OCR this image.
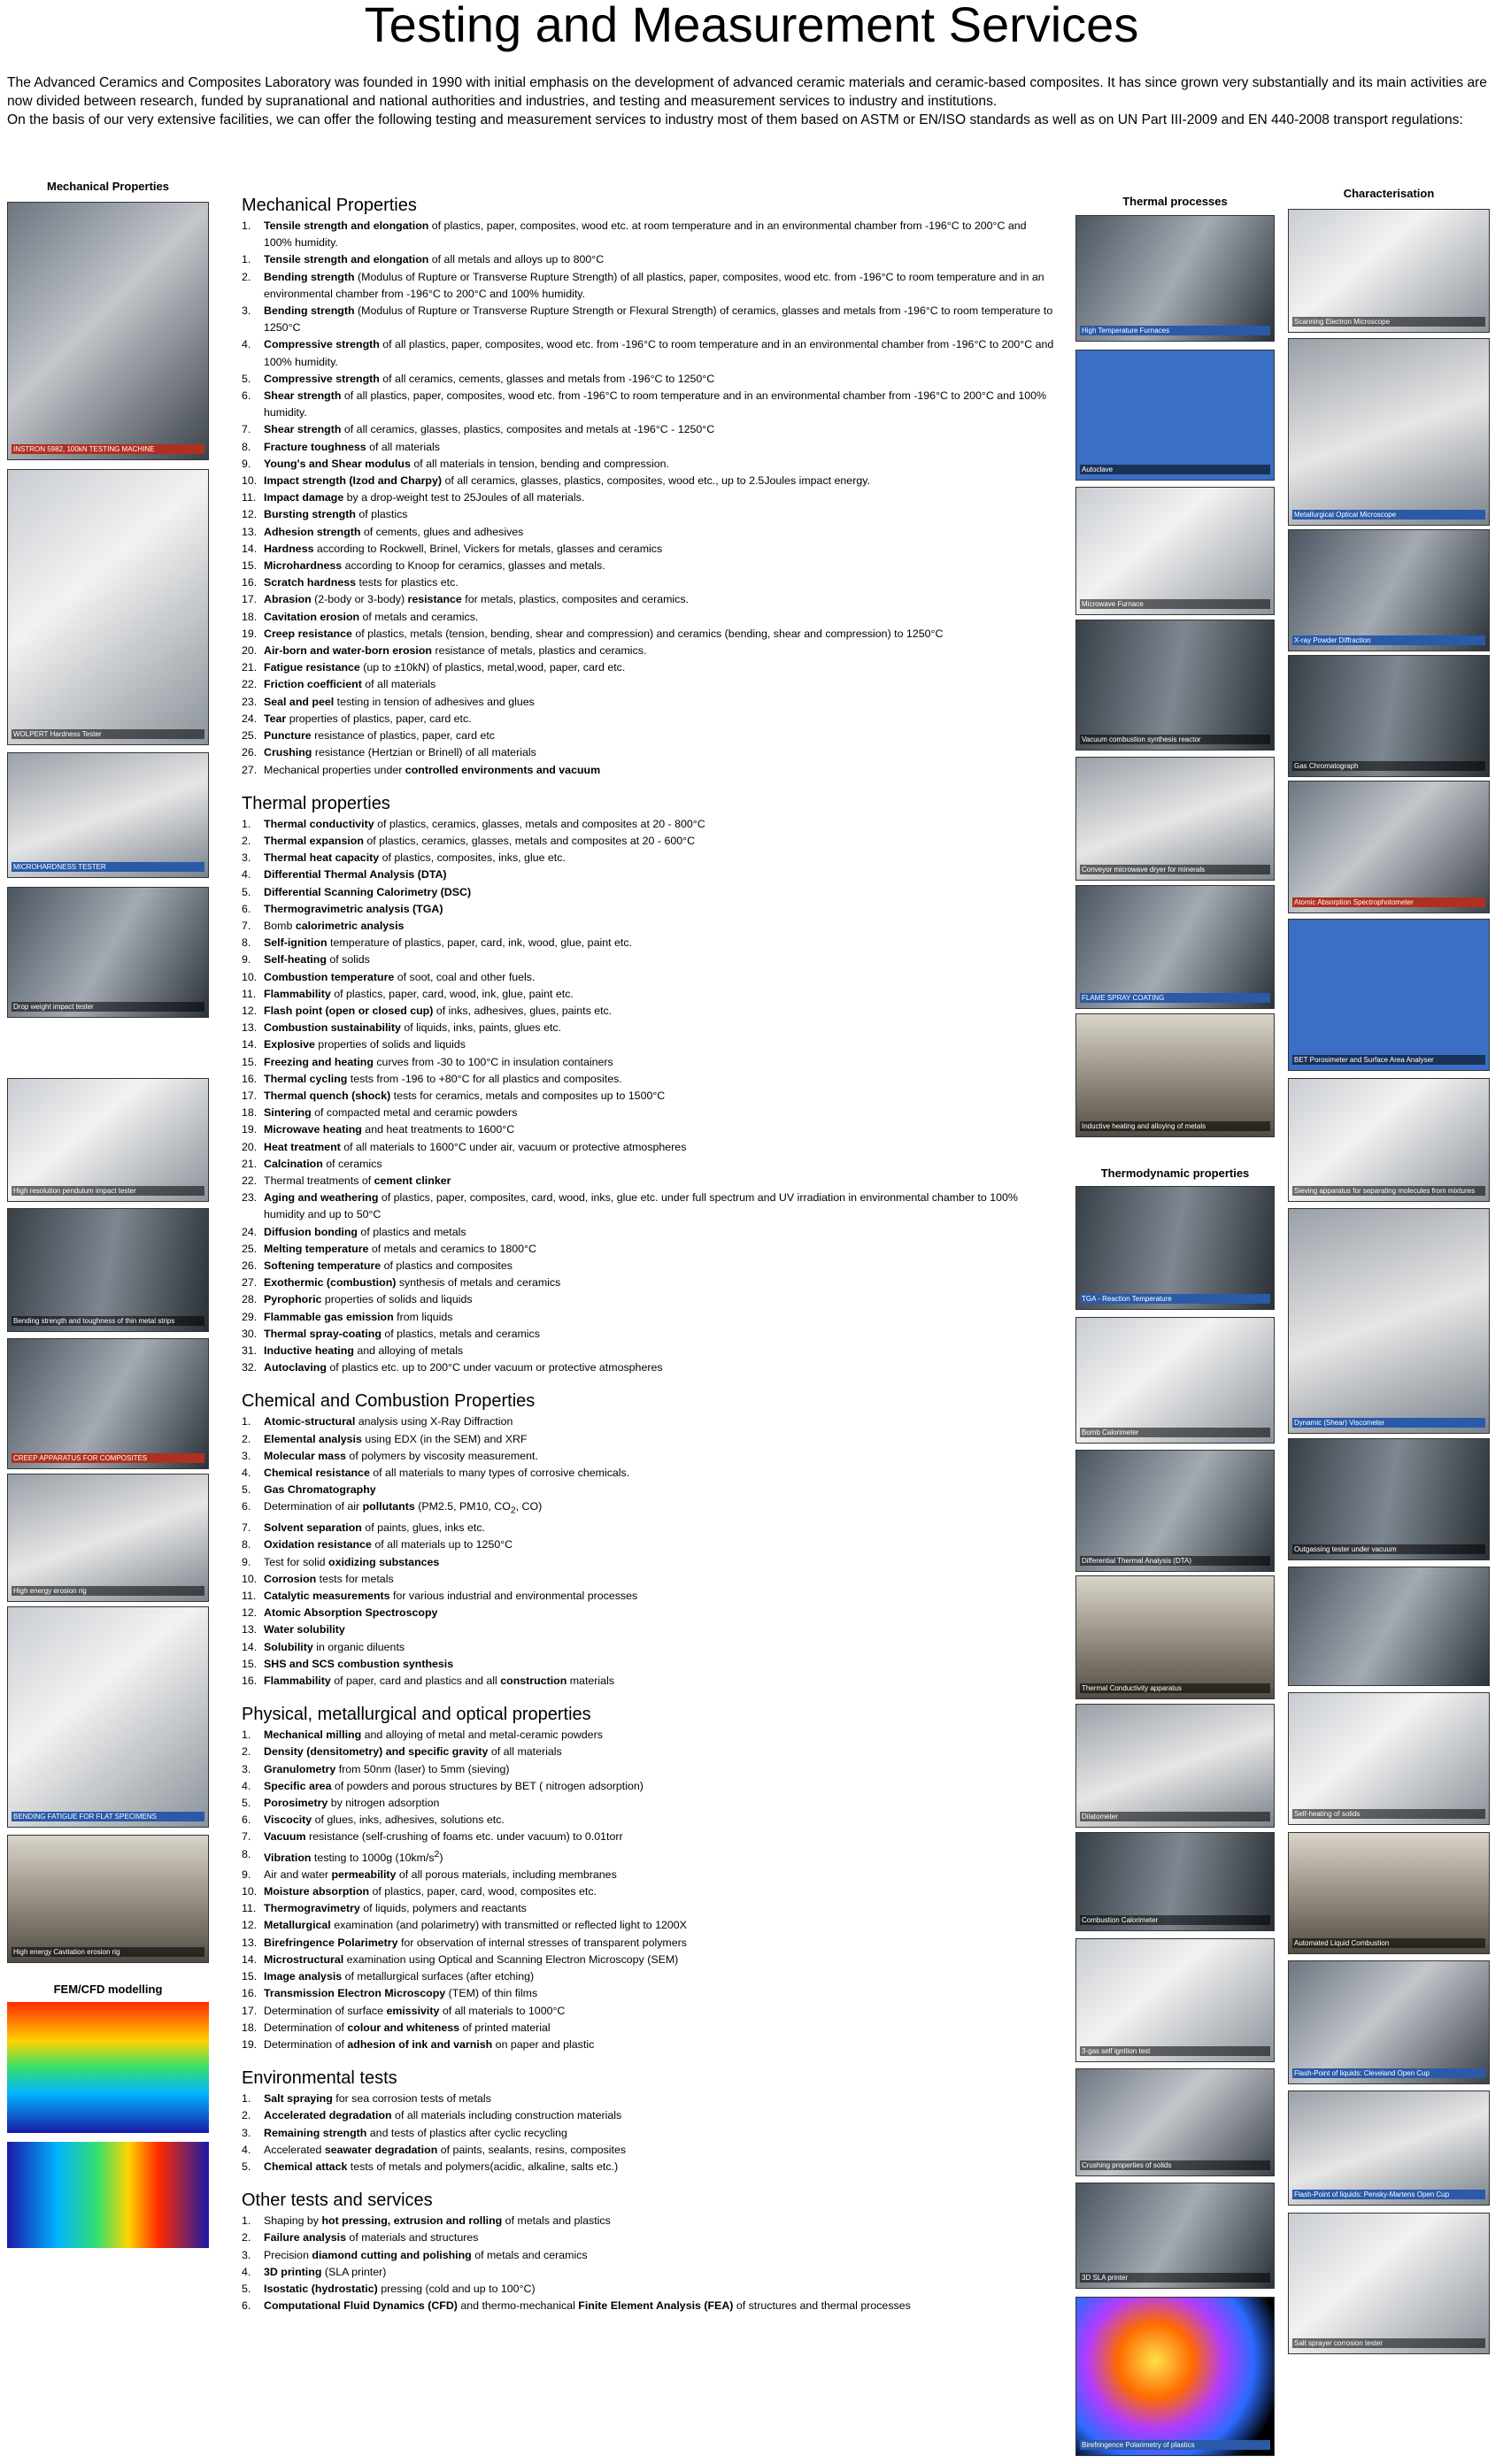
Testing and Measurement Services

The Advanced Ceramics and Composites Laboratory was founded in 1990 with initial emphasis on the development of advanced ceramic materials and ceramic-based composites. It has since grown very substantially and its main activities are now divided between research, funded by supranational and national authorities and industries, and testing and measurement services to industry and institutions.

On the basis of our very extensive facilities, we can offer the following testing and measurement services to industry most of them based on ASTM or EN/ISO standards as well as on UN Part III-2009 and EN 440-2008 transport regulations:

Mechanical Properties
INSTRON 5982, 100kN TESTING MACHINE
WOLPERT Hardness Tester
MICROHARDNESS TESTER
Drop weight impact tester
High resolution pendulum impact tester
Bending strength and toughness of thin metal strips
CREEP APPARATUS FOR COMPOSITES
High energy erosion rig
BENDING FATIGUE FOR FLAT SPECIMENS
High energy Cavitation erosion rig
FEM/CFD modelling
Mechanical Properties
1. Tensile strength and elongation of plastics, paper, composites, wood etc. at room temperature and in an environmental chamber from -196°C to 200°C and 100% humidity.
1. Tensile strength and elongation of all metals and alloys up to 800°C
2. Bending strength (Modulus of Rupture or Transverse Rupture Strength) of all plastics, paper, composites, wood etc. from -196°C to room temperature and in an environmental chamber from -196°C to 200°C and 100% humidity.
3. Bending strength (Modulus of Rupture or Transverse Rupture Strength or Flexural Strength) of ceramics, glasses and metals from -196°C to room temperature to 1250°C
4. Compressive strength of all plastics, paper, composites, wood etc. from -196°C to room temperature and in an environmental chamber from -196°C to 200°C and 100% humidity.
5. Compressive strength of all ceramics, cements, glasses and metals from -196°C to 1250°C
6. Shear strength of all plastics, paper, composites, wood etc. from -196°C to room temperature and in an environmental chamber from -196°C to 200°C and 100% humidity.
7. Shear strength of all ceramics, glasses, plastics, composites and metals at -196°C - 1250°C
8. Fracture toughness of all materials
9. Young's and Shear modulus of all materials in tension, bending and compression.
10. Impact strength (Izod and Charpy) of all ceramics, glasses, plastics, composites, wood etc., up to 2.5Joules impact energy.
11. Impact damage by a drop-weight test to 25Joules of all materials.
12. Bursting strength of plastics
13. Adhesion strength of cements, glues and adhesives
14. Hardness according to Rockwell, Brinel, Vickers for metals, glasses and ceramics
15. Microhardness according to Knoop for ceramics, glasses and metals.
16. Scratch hardness tests for plastics etc.
17. Abrasion (2-body or 3-body) resistance for metals, plastics, composites and ceramics.
18. Cavitation erosion of metals and ceramics.
19. Creep resistance of plastics, metals (tension, bending, shear and compression) and ceramics (bending, shear and compression) to 1250°C
20. Air-born and water-born erosion resistance of metals, plastics and ceramics.
21. Fatigue resistance (up to ±10kN) of plastics, metal,wood, paper, card etc.
22. Friction coefficient of all materials
23. Seal and peel testing in tension of adhesives and glues
24. Tear properties of plastics, paper, card etc.
25. Puncture resistance of plastics, paper, card etc
26. Crushing resistance (Hertzian or Brinell) of all materials
27. Mechanical properties under controlled environments and vacuum
Thermal properties
1. Thermal conductivity of plastics, ceramics, glasses, metals and composites at 20 - 800°C
2. Thermal expansion of plastics, ceramics, glasses, metals and composites at 20 - 600°C
3. Thermal heat capacity of plastics, composites, inks, glue etc.
4. Differential Thermal Analysis (DTA)
5. Differential Scanning Calorimetry (DSC)
6. Thermogravimetric analysis (TGA)
7. Bomb calorimetric analysis
8. Self-ignition temperature of plastics, paper, card, ink, wood, glue, paint etc.
9. Self-heating of solids
10. Combustion temperature of soot, coal and other fuels.
11. Flammability of plastics, paper, card, wood, ink, glue, paint etc.
12. Flash point (open or closed cup) of inks, adhesives, glues, paints etc.
13. Combustion sustainability of liquids, inks, paints, glues etc.
14. Explosive properties of solids and liquids
15. Freezing and heating curves from -30 to 100°C in insulation containers
16. Thermal cycling tests from -196 to +80°C for all plastics and composites.
17. Thermal quench (shock) tests for ceramics, metals and composites up to 1500°C
18. Sintering of compacted metal and ceramic powders
19. Microwave heating and heat treatments to 1600°C
20. Heat treatment of all materials to 1600°C under air, vacuum or protective atmospheres
21. Calcination of ceramics
22. Thermal treatments of cement clinker
23. Aging and weathering of plastics, paper, composites, card, wood, inks, glue etc. under full spectrum and UV irradiation in environmental chamber to 100% humidity and up to 50°C
24. Diffusion bonding of plastics and metals
25. Melting temperature of metals and ceramics to 1800°C
26. Softening temperature of plastics and composites
27. Exothermic (combustion) synthesis of metals and ceramics
28. Pyrophoric properties of solids and liquids
29. Flammable gas emission from liquids
30. Thermal spray-coating of plastics, metals and ceramics
31. Inductive heating and alloying of metals
32. Autoclaving of plastics etc. up to 200°C under vacuum or protective atmospheres
Chemical and Combustion Properties
1. Atomic-structural analysis using X-Ray Diffraction
2. Elemental analysis using EDX (in the SEM) and XRF
3. Molecular mass of polymers by viscosity measurement.
4. Chemical resistance of all materials to many types of corrosive chemicals.
5. Gas Chromatography
6. Determination of air pollutants (PM2.5, PM10, $CO_2$, CO)
7. Solvent separation of paints, glues, inks etc.
8. Oxidation resistance of all materials up to 1250°C
9. Test for solid oxidizing substances
10. Corrosion tests for metals
11. Catalytic measurements for various industrial and environmental processes
12. Atomic Absorption Spectroscopy
13. Water solubility
14. Solubility in organic diluents
15. SHS and SCS combustion synthesis
16. Flammability of paper, card and plastics and all construction materials
Physical, metallurgical and optical properties
1. Mechanical milling and alloying of metal and metal-ceramic powders
2. Density (densitometry) and specific gravity of all materials
3. Granulometry from 50nm (laser) to 5mm (sieving)
4. Specific area of powders and porous structures by BET ( nitrogen adsorption)
5. Porosimetry by nitrogen adsorption
6. Viscocity of glues, inks, adhesives, solutions etc.
7. Vacuum resistance (self-crushing of foams etc. under vacuum) to 0.01torr
8. Vibration testing to 1000g $(10km/s^2)$
9. Air and water permeability of all porous materials, including membranes
10. Moisture absorption of plastics, paper, card, wood, composites etc.
11. Thermogravimetry of liquids, polymers and reactants
12. Metallurgical examination (and polarimetry) with transmitted or reflected light to 1200X
13. Birefringence Polarimetry for observation of internal stresses of transparent polymers
14. Microstructural examination using Optical and Scanning Electron Microscopy (SEM)
15. Image analysis of metallurgical surfaces (after etching)
16. Transmission Electron Microscopy (TEM) of thin films
17. Determination of surface emissivity of all materials to 1000°C
18. Determination of colour and whiteness of printed material
19. Determination of adhesion of ink and varnish on paper and plastic
Environmental tests
1. Salt spraying for sea corrosion tests of metals
2. Accelerated degradation of all materials including construction materials
3. Remaining strength and tests of plastics after cyclic recycling
4. Accelerated seawater degradation of paints, sealants, resins, composites
5. Chemical attack tests of metals and polymers(acidic, alkaline, salts etc.)
Other tests and services
1. Shaping by hot pressing, extrusion and rolling of metals and plastics
2. Failure analysis of materials and structures
3. Precision diamond cutting and polishing of metals and ceramics
4. 3D printing (SLA printer)
5. Isostatic (hydrostatic) pressing (cold and up to 100°C)
6. Computational Fluid Dynamics (CFD) and thermo-mechanical Finite Element Analysis (FEA) of structures and thermal processes
Thermal processes
High Temperature Furnaces
Autoclave
Microwave Furnace
Vacuum combustion synthesis reactor
Conveyor microwave dryer for minerals
FLAME SPRAY COATING
Inductive heating and alloying of metals
Thermodynamic properties
TGA - Reaction Temperature
Bomb Calorimeter
Differential Thermal Analysis (DTA)
Thermal Conductivity apparatus
Dilatometer
Combustion Calorimeter
3-gas self ignition test
Crushing properties of solids
3D SLA printer
Birefringence Polarimetry of plastics
Characterisation
Scanning Electron Microscope
Metallurgical Optical Microscope
X-ray Powder Diffraction
Gas Chromatograph
Atomic Absorption Spectrophotometer
BET Porosimeter and Surface Area Analyser
Sieving apparatus for separating molecules from mixtures
Dynamic (Shear) Viscometer
Outgassing tester under vacuum
Self-heating of solids
Automated Liquid Combustion
Flash-Point of liquids: Cleveland Open Cup
Flash-Point of liquids: Pensky-Martens Open Cup
Salt sprayer corrosion tester
